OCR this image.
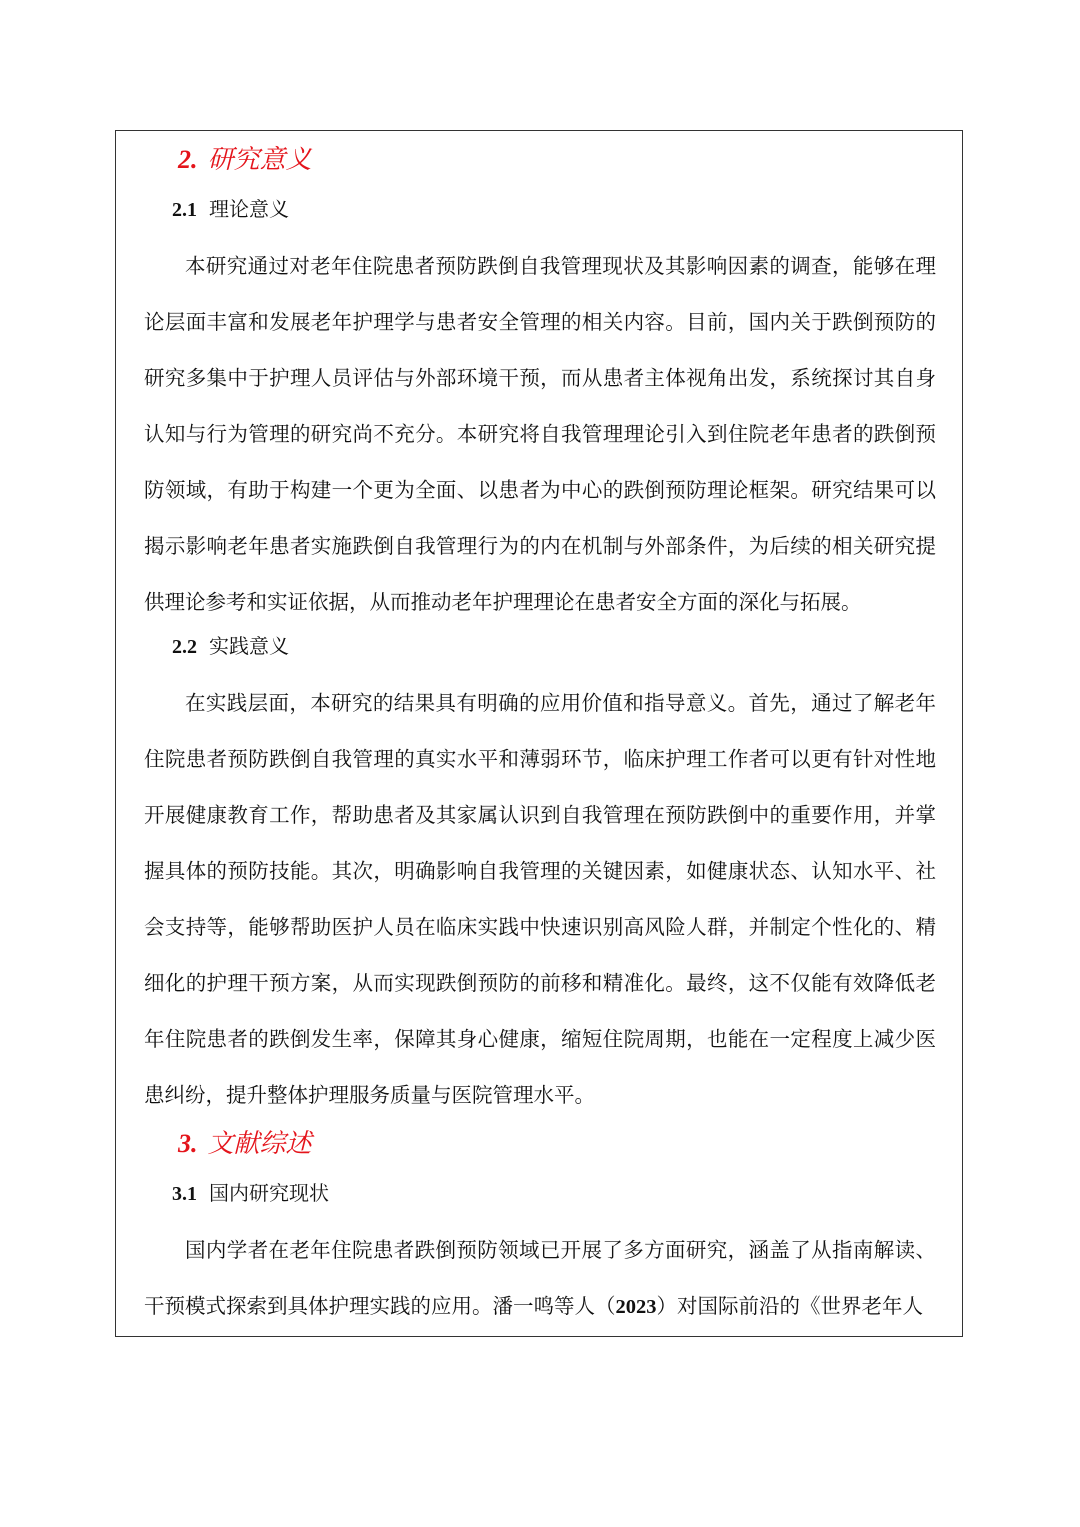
2. 研究意义
2.1 理论意义

本研究通过对老年住院患者预防跌倒自我管理现状及其影响因素的调查，能够在理论层面丰富和发展老年护理学与患者安全管理的相关内容。目前，国内关于跌倒预防的研究多集中于护理人员评估与外部环境干预，而从患者主体视角出发，系统探讨其自身认知与行为管理的研究尚不充分。本研究将自我管理理论引入到住院老年患者的跌倒预防领域，有助于构建一个更为全面、以患者为中心的跌倒预防理论框架。研究结果可以揭示影响老年患者实施跌倒自我管理行为的内在机制与外部条件，为后续的相关研究提供理论参考和实证依据，从而推动老年护理理论在患者安全方面的深化与拓展。

2.2 实践意义

在实践层面，本研究的结果具有明确的应用价值和指导意义。首先，通过了解老年住院患者预防跌倒自我管理的真实水平和薄弱环节，临床护理工作者可以更有针对性地开展健康教育工作，帮助患者及其家属认识到自我管理在预防跌倒中的重要作用，并掌握具体的预防技能。其次，明确影响自我管理的关键因素，如健康状态、认知水平、社会支持等，能够帮助医护人员在临床实践中快速识别高风险人群，并制定个性化的、精细化的护理干预方案，从而实现跌倒预防的前移和精准化。最终，这不仅能有效降低老年住院患者的跌倒发生率，保障其身心健康，缩短住院周期，也能在一定程度上减少医患纠纷，提升整体护理服务质量与医院管理水平。

3. 文献综述
3.1 国内研究现状

国内学者在老年住院患者跌倒预防领域已开展了多方面研究，涵盖了从指南解读、干预模式探索到具体护理实践的应用。潘一鸣等人（2023）对国际前沿的《世界老年人
